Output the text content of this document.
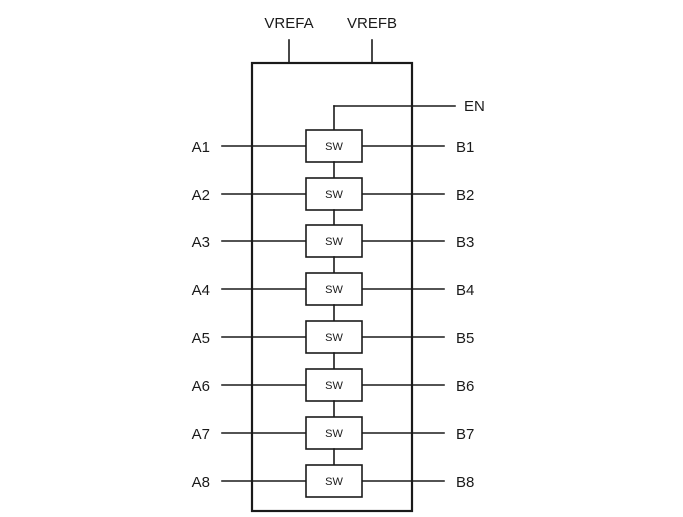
VREFA VREFB
EN
SW
A1	B1
SW
A2	B2
SW
A3	B3
SW
A4	B4
SW
A5	B5
SW
A6	B6
SW
A7	B7
SW
A8	B8
